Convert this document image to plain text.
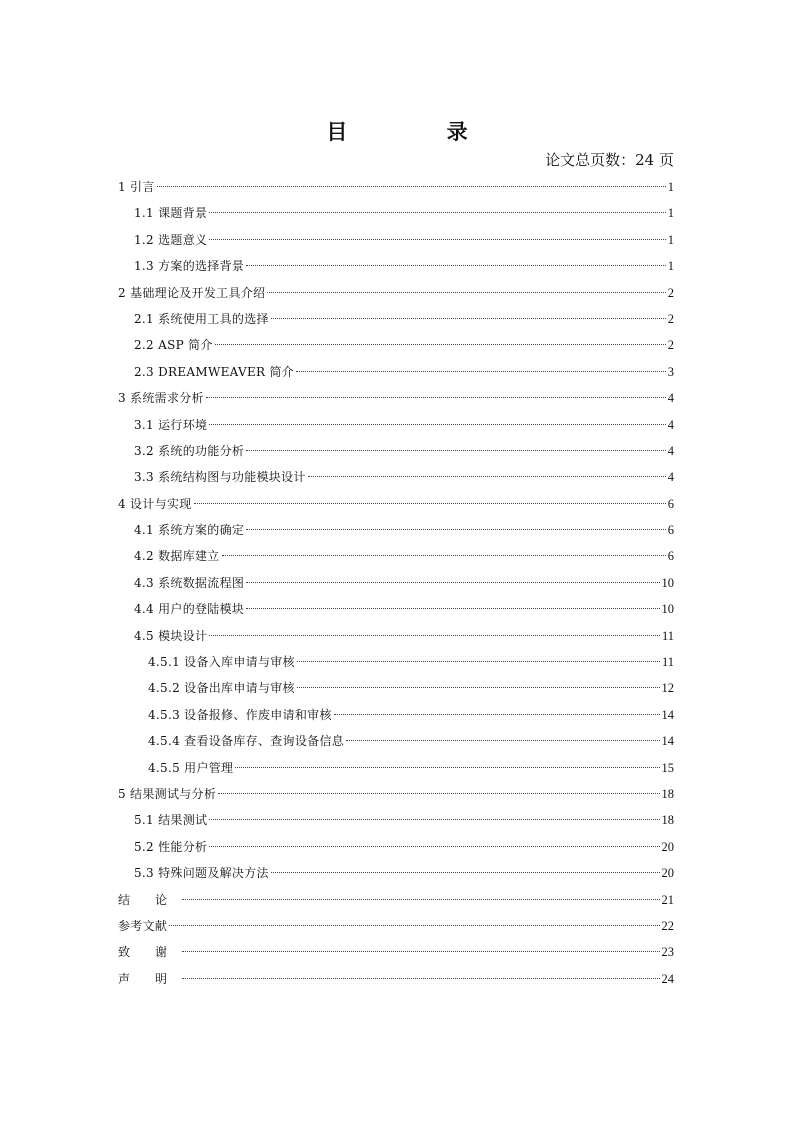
目 录
论文总页数：24 页
1 引言	1
1.1 课题背景	1
1.2 选题意义	1
1.3 方案的选择背景	1
2 基础理论及开发工具介绍	2
2.1 系统使用工具的选择	2
2.2 ASP 简介	2
2.3 DREAMWEAVER 简介	3
3 系统需求分析	4
3.1 运行环境	4
3.2 系统的功能分析	4
3.3 系统结构图与功能模块设计	4
4 设计与实现	6
4.1 系统方案的确定	6
4.2 数据库建立	6
4.3 系统数据流程图	10
4.4 用户的登陆模块	10
4.5 模块设计	11
4.5.1 设备入库申请与审核	11
4.5.2 设备出库申请与审核	12
4.5.3 设备报修、作废申请和审核	14
4.5.4 查看设备库存、查询设备信息	14
4.5.5 用户管理	15
5 结果测试与分析	18
5.1 结果测试	18
5.2 性能分析	20
5.3 特殊问题及解决方法	20
结      论	21
参考文献	22
致      谢	23
声      明	24
